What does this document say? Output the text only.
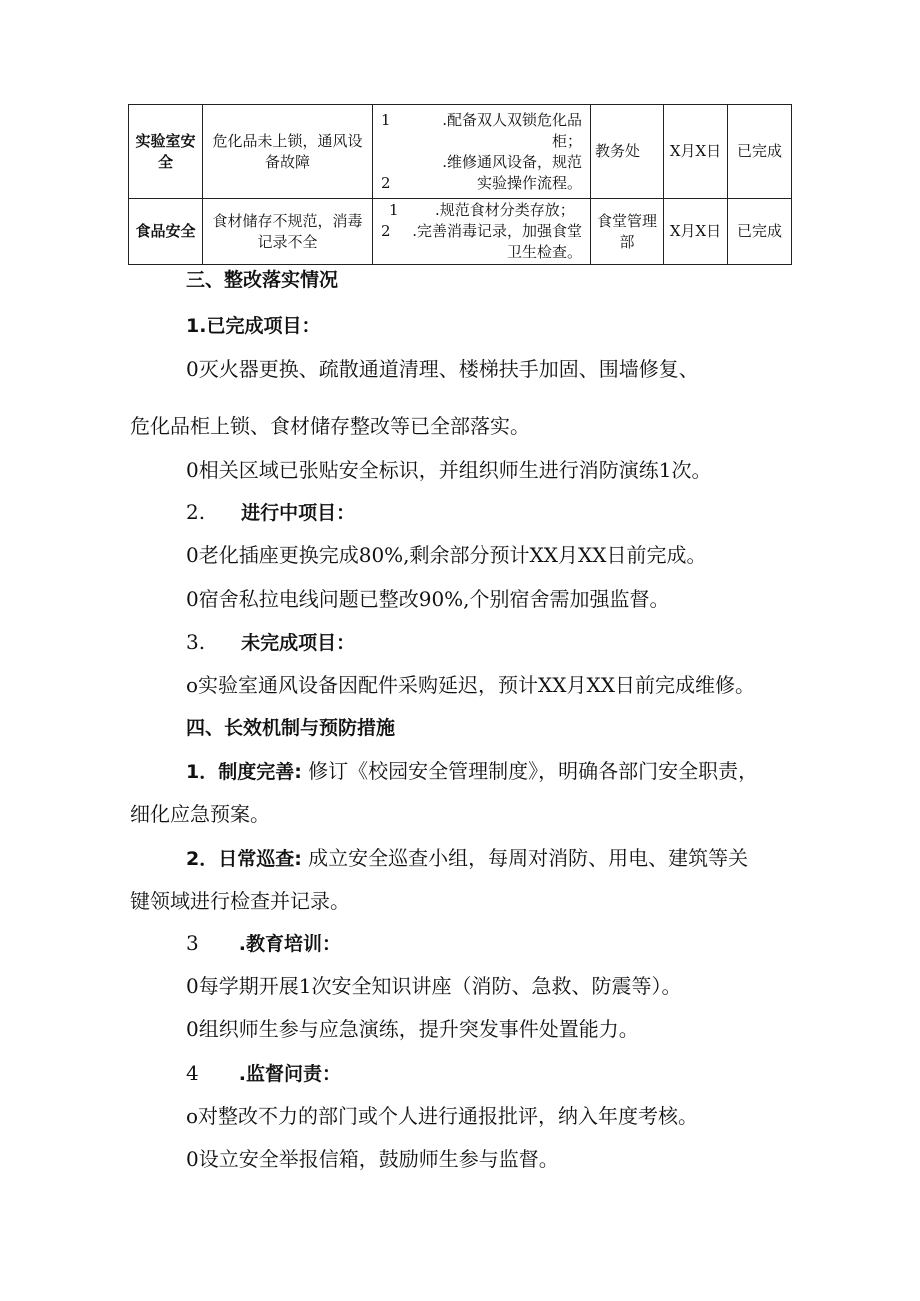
实验室安全	危化品未上锁，通风设备故障	1 .配备双人双锁危化品柜；
2
.维修通风设备，规范实验操作流程。	教务处	X月X日	已完成
食品安全	食材储存不规范，消毒记录不全	1 .规范食材分类存放；
2 .完善消毒记录，加强食堂卫生检查。	食堂管理部	X月X日	已完成

三、整改落实情况

1.已完成项目：

0灭火器更换、疏散通道清理、楼梯扶手加固、围墙修复、

危化品柜上锁、食材储存整改等已全部落实。

0相关区域已张贴安全标识，并组织师生进行消防演练1次。

2. 进行中项目：

0老化插座更换完成80%,剩余部分预计XX月XX日前完成。

0宿舍私拉电线问题已整改90%,个别宿舍需加强监督。

3. 未完成项目：

o实验室通风设备因配件采购延迟，预计XX月XX日前完成维修。

四、长效机制与预防措施

1．制度完善: 修订《校园安全管理制度》，明确各部门安全职责，

细化应急预案。

2．日常巡查: 成立安全巡查小组，每周对消防、用电、建筑等关

键领域进行检查并记录。

3 .教育培训：

0每学期开展1次安全知识讲座（消防、急救、防震等）。

0组织师生参与应急演练，提升突发事件处置能力。

4 .监督问责：

o对整改不力的部门或个人进行通报批评，纳入年度考核。

0设立安全举报信箱，鼓励师生参与监督。
